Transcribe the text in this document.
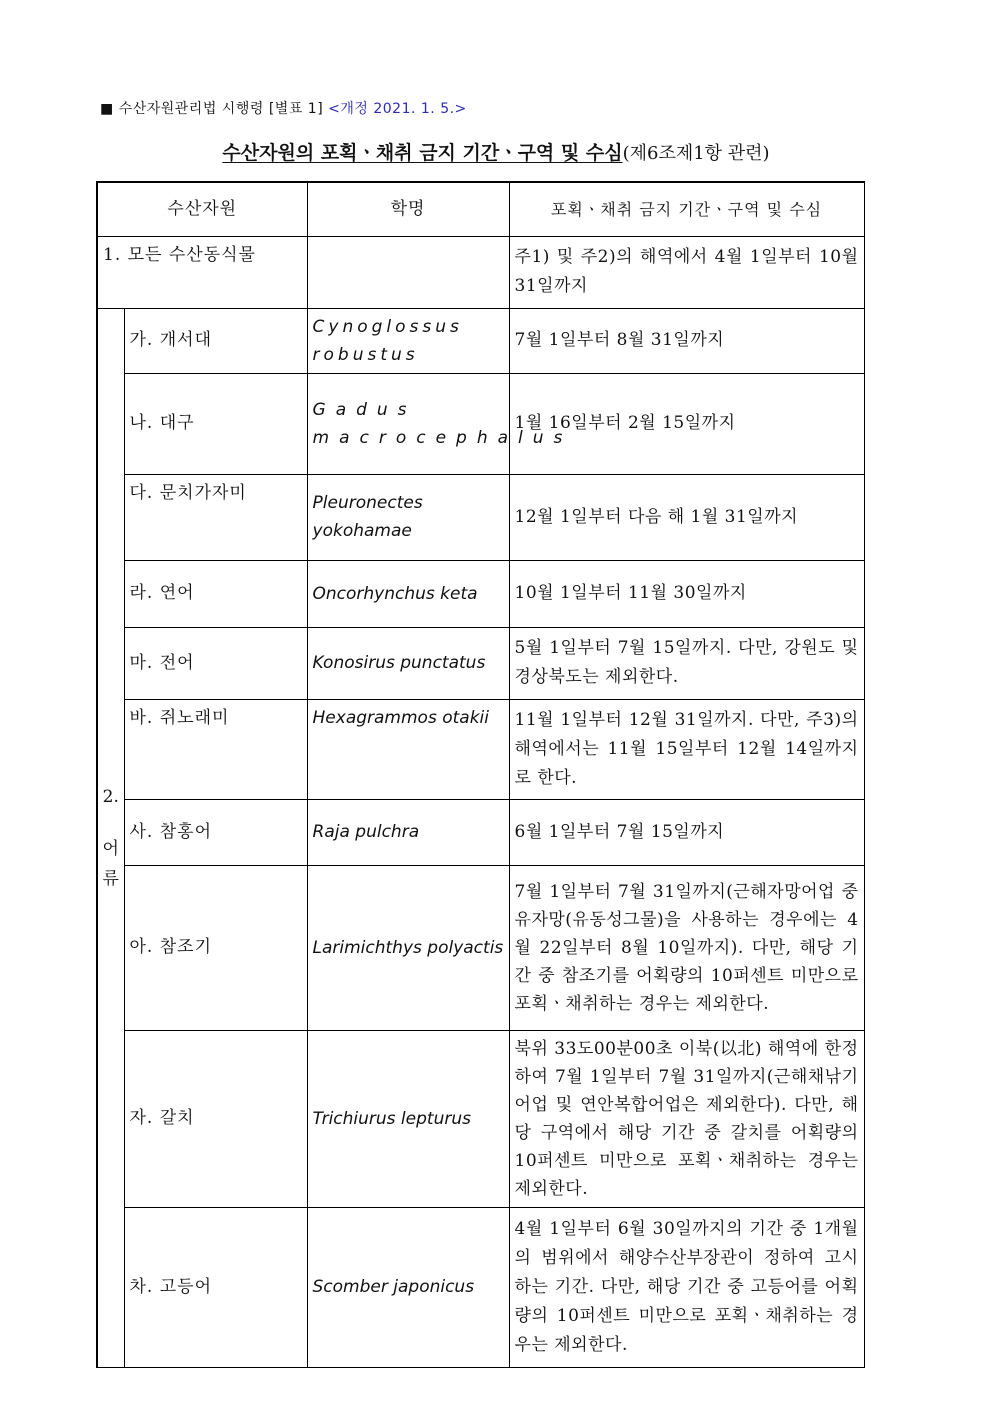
■ 수산자원관리법 시행령 [별표 1] <개정 2021. 1. 5.>
수산자원의 포획ㆍ채취 금지 기간ㆍ구역 및 수심(제6조제1항 관련)
수산자원		학명	포획ㆍ채취 금지 기간ㆍ구역 및 수심
1. 모든 수산동식물			주1) 및 주2)의 해역에서 4월 1일부터 10월 31일까지

2.
어
류	가. 개서대	Cynoglossus robustus	7월 1일부터 8월 31일까지
	나. 대구	Gadus macrocephalus	1월 16일부터 2월 15일까지
	다. 문치가자미	Pleuronectes yokohamae	12월 1일부터 다음 해 1월 31일까지
	라. 연어	Oncorhynchus keta	10월 1일부터 11월 30일까지
	마. 전어	Konosirus punctatus	5월 1일부터 7월 15일까지. 다만, 강원도 및 경상북도는 제외한다.
	바. 쥐노래미	Hexagrammos otakii	11월 1일부터 12월 31일까지. 다만, 주3)의 해역에서는 11월 15일부터 12월 14일까지로 한다.
	사. 참홍어	Raja pulchra	6월 1일부터 7월 15일까지
	아. 참조기	Larimichthys polyactis	7월 1일부터 7월 31일까지(근해자망어업 중 유자망(유동성그물)을 사용하는 경우에는 4월 22일부터 8월 10일까지). 다만, 해당 기간 중 참조기를 어획량의 10퍼센트 미만으로 포획ㆍ채취하는 경우는 제외한다.
	자. 갈치	Trichiurus lepturus	북위 33도00분00초 이북(以北) 해역에 한정하여 7월 1일부터 7월 31일까지(근해채낚기어업 및 연안복합어업은 제외한다). 다만, 해당 구역에서 해당 기간 중 갈치를 어획량의 10퍼센트 미만으로 포획ㆍ채취하는 경우는 제외한다.
	차. 고등어	Scomber japonicus	4월 1일부터 6월 30일까지의 기간 중 1개월의 범위에서 해양수산부장관이 정하여 고시하는 기간. 다만, 해당 기간 중 고등어를 어획량의 10퍼센트 미만으로 포획ㆍ채취하는 경우는 제외한다.
